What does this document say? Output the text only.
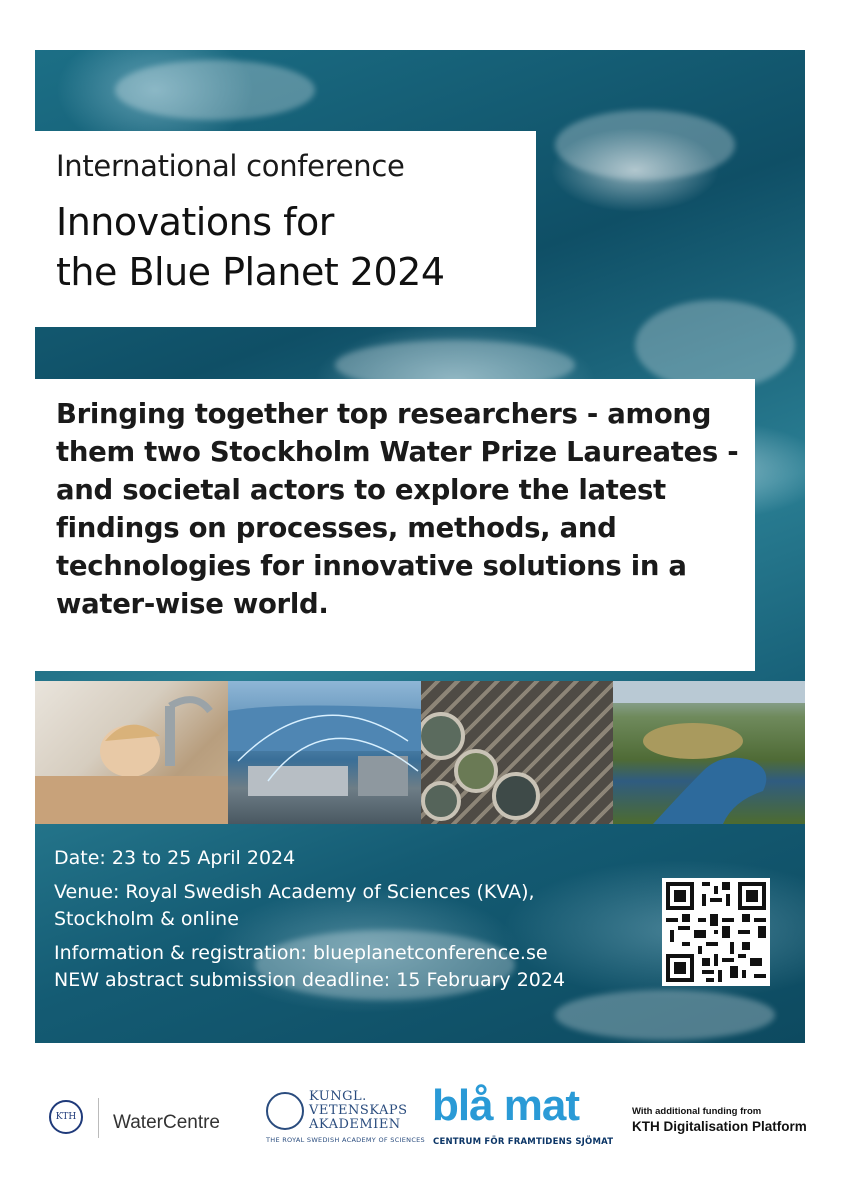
International conference
Innovations for
the Blue Planet 2024
Bringing together top researchers - among them two Stockholm Water Prize Laureates - and societal actors to explore the latest findings on processes, methods, and technologies for innovative solutions in a water-wise world.
Date: 23 to 25 April 2024
Venue: Royal Swedish Academy of Sciences (KVA),
Stockholm & online
Information & registration: blueplanetconference.se
NEW abstract submission deadline: 15 February 2024
KTH WaterCentre
KUNGL.
VETENSKAPS
AKADEMIEN
THE ROYAL SWEDISH ACADEMY OF SCIENCES
blå mat
CENTRUM FÖR FRAMTIDENS SJÖMAT
With additional funding from
KTH Digitalisation Platform
